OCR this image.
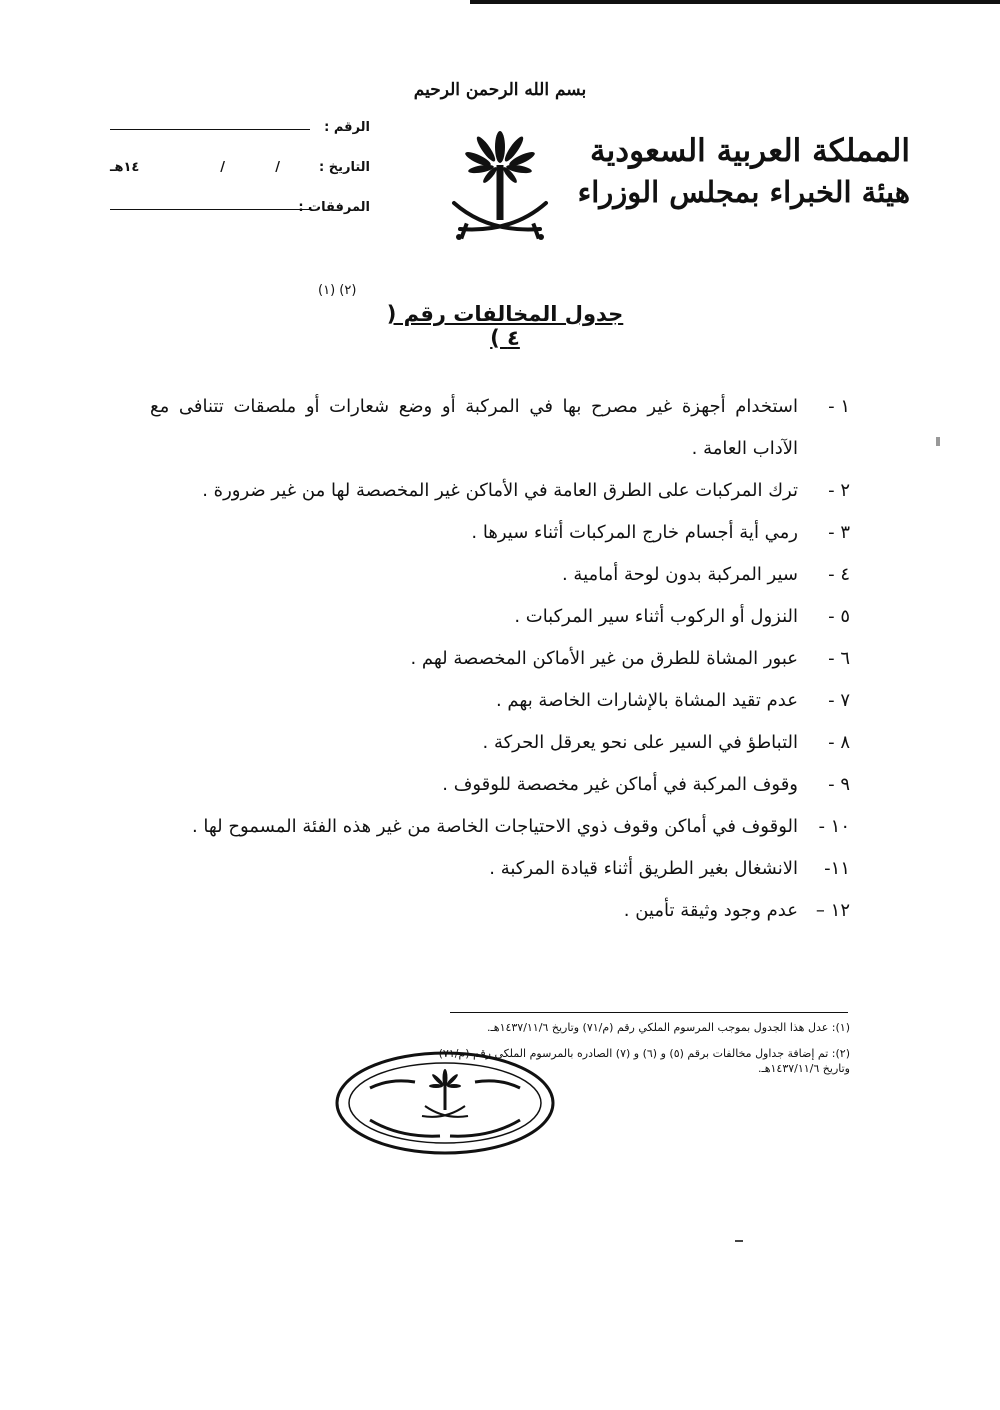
بسم الله الرحمن الرحيم
المملكة العربية السعودية
هيئة الخبراء بمجلس الوزراء
الرقم :
التاريخ :
/
/
١٤هـ
المرفقات :
(١) (٢)
جدول المخالفات رقم ( ٤ )
١ -
استخدام أجهزة غير مصرح بها في المركبة أو وضع شعارات أو ملصقات تتنافى مع الآداب العامة .
٢ -
ترك المركبات على الطرق العامة في الأماكن غير المخصصة لها من غير ضرورة .
٣ -
رمي أية أجسام خارج المركبات أثناء سيرها .
٤ -
سير المركبة بدون لوحة أمامية .
٥ -
النزول أو الركوب أثناء سير المركبات .
٦ -
عبور المشاة للطرق من غير الأماكن المخصصة لهم .
٧ -
عدم تقيد المشاة بالإشارات الخاصة بهم .
٨ -
التباطؤ في السير على نحو يعرقل الحركة .
٩ -
وقوف المركبة في أماكن غير مخصصة للوقوف .
١٠ -
الوقوف في أماكن وقوف ذوي الاحتياجات الخاصة من غير هذه الفئة المسموح لها .
١١-
الانشغال بغير الطريق أثناء قيادة المركبة .
١٢ –
عدم وجود وثيقة تأمين .
(١): عدل هذا الجدول بموجب المرسوم الملكي رقم (م/٧١) وتاريخ ١٤٣٧/١١/٦هـ.
(٢): تم إضافة جداول مخالفات برقم (٥) و (٦) و (٧) الصادره بالمرسوم الملكي رقم (م/٧١) وتاريخ ١٤٣٧/١١/٦هـ.
